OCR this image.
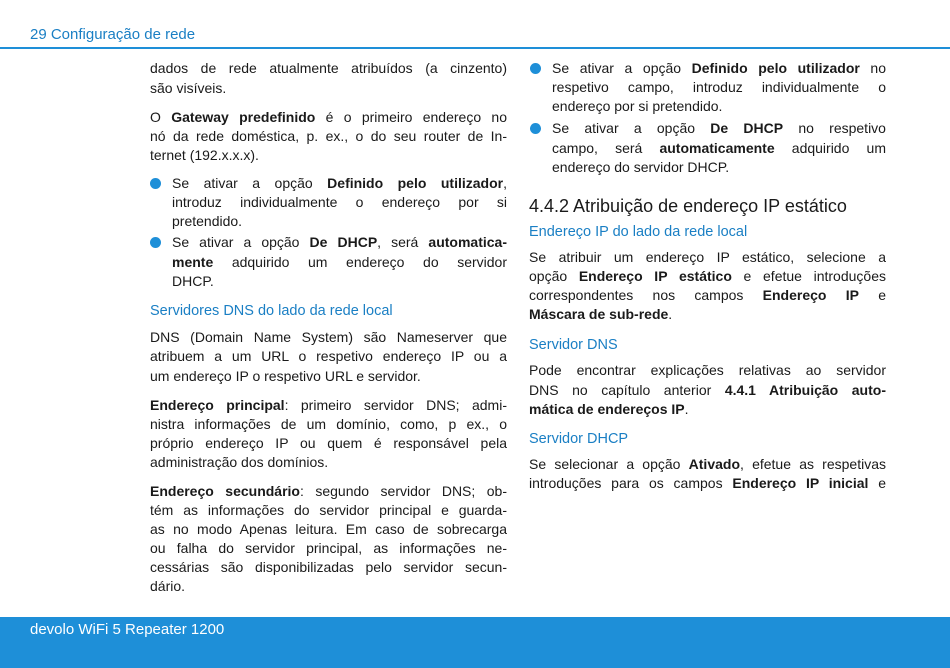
29 Configuração de rede
dados de rede atualmente atribuídos (a cinzento)
são visíveis.
O Gateway predefinido é o primeiro endereço no
nó da rede doméstica, p. ex., o do seu router de In-
ternet (192.x.x.x).
Se ativar a opção Definido pelo utilizador,
introduz individualmente o endereço por si
pretendido.
Se ativar a opção De DHCP, será automatica-
mente adquirido um endereço do servidor
DHCP.
Servidores DNS do lado da rede local
DNS (Domain Name System) são Nameserver que
atribuem a um URL o respetivo endereço IP ou a
um endereço IP o respetivo URL e servidor.
Endereço principal: primeiro servidor DNS; admi-
nistra informações de um domínio, como, p ex., o
próprio endereço IP ou quem é responsável pela
administração dos domínios.
Endereço secundário: segundo servidor DNS; ob-
tém as informações do servidor principal e guarda-
as no modo Apenas leitura. Em caso de sobrecarga
ou falha do servidor principal, as informações ne-
cessárias são disponibilizadas pelo servidor secun-
dário.
Se ativar a opção Definido pelo utilizador no
respetivo campo, introduz individualmente o
endereço por si pretendido.
Se ativar a opção De DHCP no respetivo
campo, será automaticamente adquirido um
endereço do servidor DHCP.
4.4.2 Atribuição de endereço IP estático
Endereço IP do lado da rede local
Se atribuir um endereço IP estático, selecione a
opção Endereço IP estático e efetue introduções
correspondentes nos campos Endereço IP e
Máscara de sub-rede.
Servidor DNS
Pode encontrar explicações relativas ao servidor
DNS no capítulo anterior 4.4.1 Atribuição auto-
mática de endereços IP.
Servidor DHCP
Se selecionar a opção Ativado, efetue as respetivas
introduções para os campos Endereço IP inicial e
devolo WiFi 5 Repeater 1200
